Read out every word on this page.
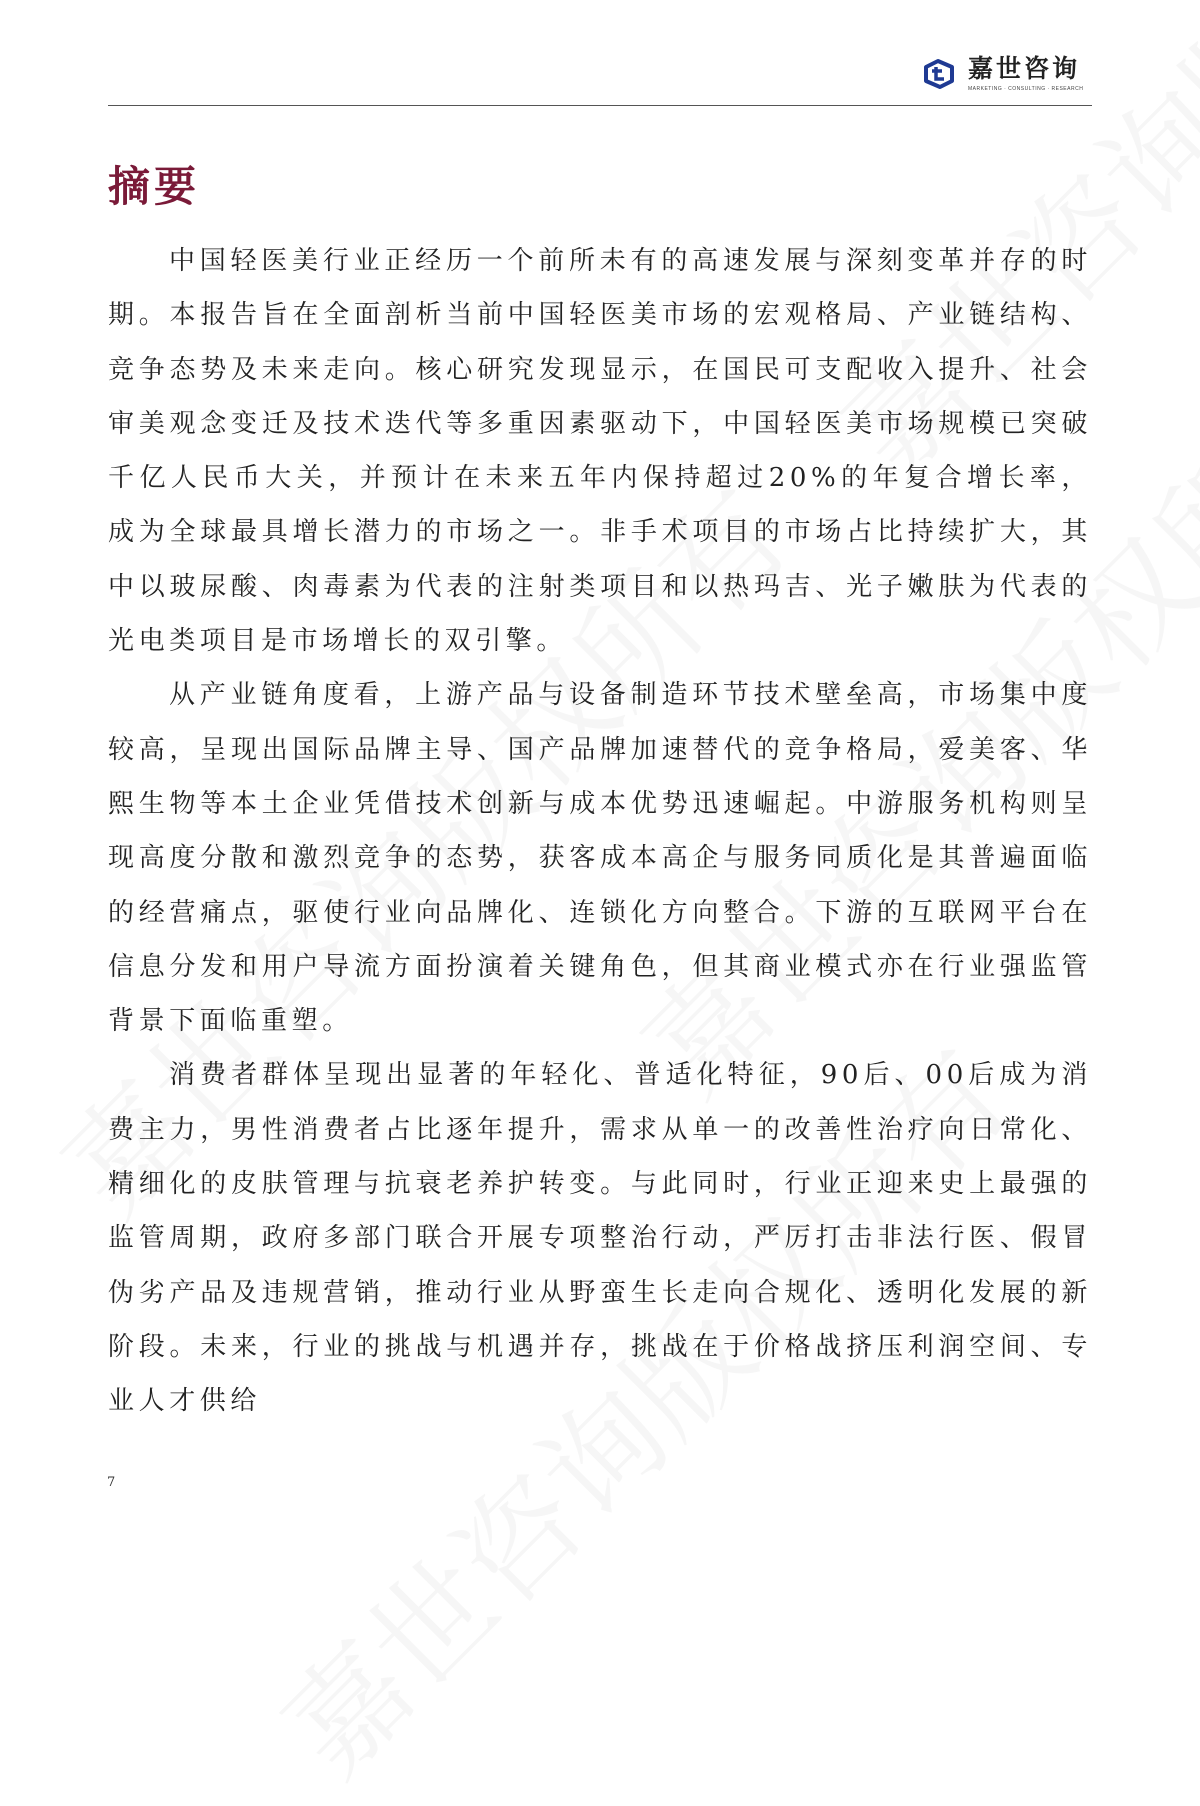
嘉世咨询
MARKETING · CONSULTING · RESEARCH
摘要

中国轻医美行业正经历一个前所未有的高速发展与深刻变革并存的时期。本报告旨在全面剖析当前中国轻医美市场的宏观格局、产业链结构、竞争态势及未来走向。核心研究发现显示，在国民可支配收入提升、社会审美观念变迁及技术迭代等多重因素驱动下，中国轻医美市场规模已突破千亿人民币大关，并预计在未来五年内保持超过20%的年复合增长率，成为全球最具增长潜力的市场之一。非手术项目的市场占比持续扩大，其中以玻尿酸、肉毒素为代表的注射类项目和以热玛吉、光子嫩肤为代表的光电类项目是市场增长的双引擎。

从产业链角度看，上游产品与设备制造环节技术壁垒高，市场集中度较高，呈现出国际品牌主导、国产品牌加速替代的竞争格局，爱美客、华熙生物等本土企业凭借技术创新与成本优势迅速崛起。中游服务机构则呈现高度分散和激烈竞争的态势，获客成本高企与服务同质化是其普遍面临的经营痛点，驱使行业向品牌化、连锁化方向整合。下游的互联网平台在信息分发和用户导流方面扮演着关键角色，但其商业模式亦在行业强监管背景下面临重塑。

消费者群体呈现出显著的年轻化、普适化特征，90后、00后成为消费主力，男性消费者占比逐年提升，需求从单一的改善性治疗向日常化、精细化的皮肤管理与抗衰老养护转变。与此同时，行业正迎来史上最强的监管周期，政府多部门联合开展专项整治行动，严厉打击非法行医、假冒伪劣产品及违规营销，推动行业从野蛮生长走向合规化、透明化发展的新阶段。未来，行业的挑战与机遇并存，挑战在于价格战挤压利润空间、专业人才供给

7
